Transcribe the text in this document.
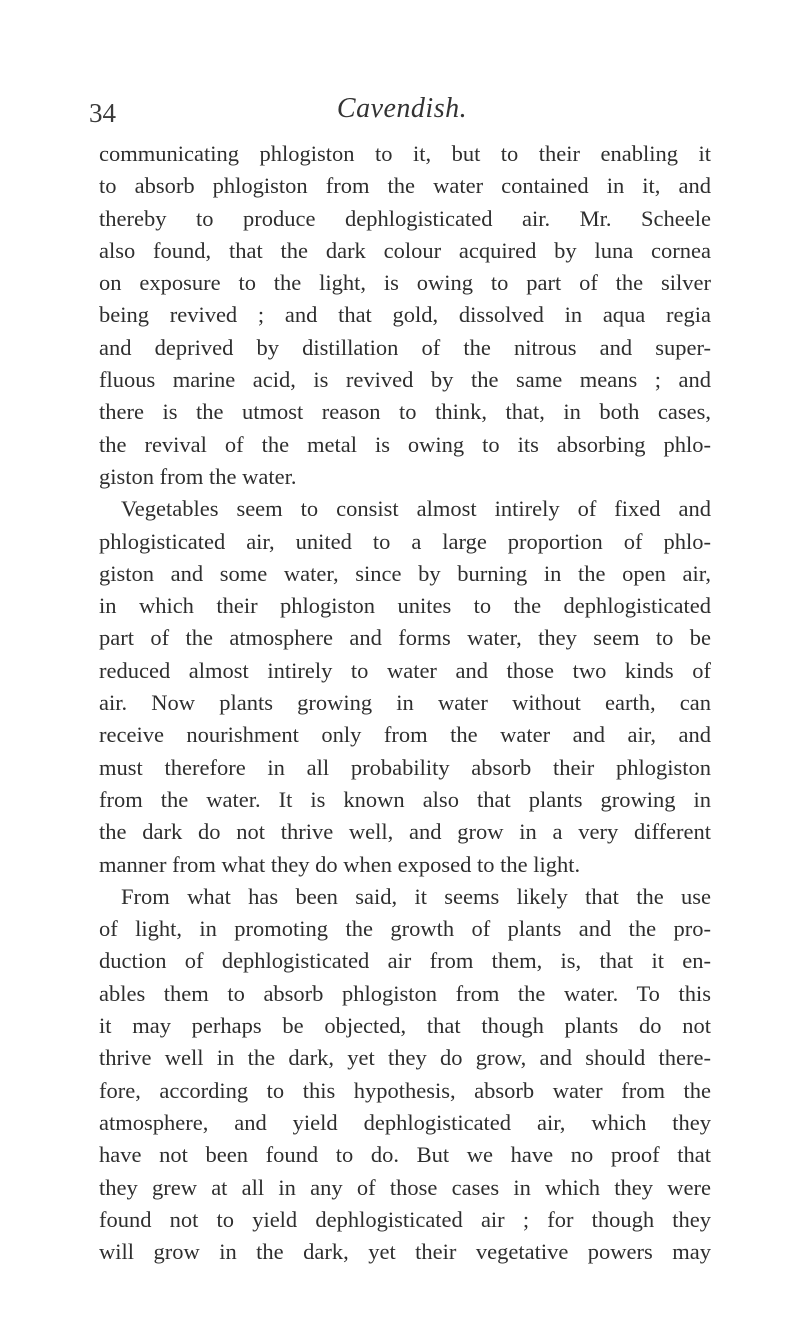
34	Cavendish.
communicating phlogiston to it, but to their enabling it
to absorb phlogiston from the water contained in it, and
thereby to produce dephlogisticated air. Mr. Scheele
also found, that the dark colour acquired by luna cornea
on exposure to the light, is owing to part of the silver
being revived ; and that gold, dissolved in aqua regia
and deprived by distillation of the nitrous and super-
fluous marine acid, is revived by the same means ; and
there is the utmost reason to think, that, in both cases,
the revival of the metal is owing to its absorbing phlo-
giston from the water.
Vegetables seem to consist almost intirely of fixed and
phlogisticated air, united to a large proportion of phlo-
giston and some water, since by burning in the open air,
in which their phlogiston unites to the dephlogisticated
part of the atmosphere and forms water, they seem to be
reduced almost intirely to water and those two kinds of
air. Now plants growing in water without earth, can
receive nourishment only from the water and air, and
must therefore in all probability absorb their phlogiston
from the water. It is known also that plants growing in
the dark do not thrive well, and grow in a very different
manner from what they do when exposed to the light.
From what has been said, it seems likely that the use
of light, in promoting the growth of plants and the pro-
duction of dephlogisticated air from them, is, that it en-
ables them to absorb phlogiston from the water. To this
it may perhaps be objected, that though plants do not
thrive well in the dark, yet they do grow, and should there-
fore, according to this hypothesis, absorb water from the
atmosphere, and yield dephlogisticated air, which they
have not been found to do. But we have no proof that
they grew at all in any of those cases in which they were
found not to yield dephlogisticated air ; for though they
will grow in the dark, yet their vegetative powers may
